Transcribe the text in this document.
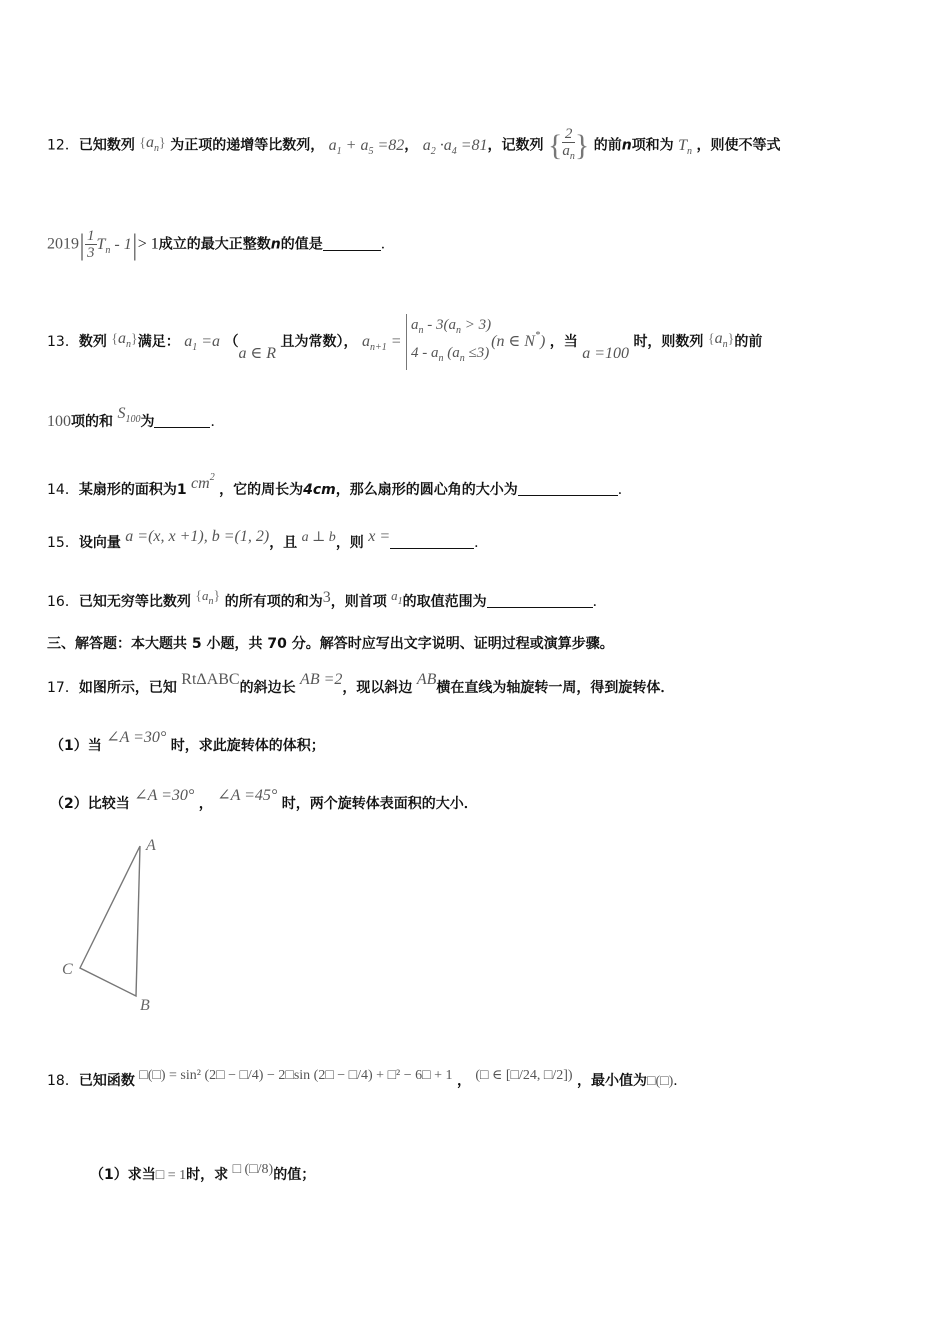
12．已知数列 $\{a_n\}$ 为正项的递增等比数列， $a_1 + a_5 =82$， $a_2 \cdot a_4 =81$，记数列 { $\frac{2}{a_n}$ } 的前n项和为 $T_n$ ，则使不等式
$2019| \frac{1}{3} T_n - 1|> 1$成立的最大正整数n的值是	．
13．数列 $\{a_n\}$满足： $a_1 =a$ （a ∈ R 且为常数）， $a_{n+1}$ =
$a_n - 3(a_n > 3)$
$4 - a_n$ $(a_n \le 3)$
(n ∈ N*) ，当 a =100 时，则数列 $\{a_n\}$的前
100项的和 $S_{100}$为	．
14．某扇形的面积为1 $cm^2$ ，它的周长为4cm，那么扇形的圆心角的大小为	．
15．设向量 a =(x, x +1), b =(1, 2)，且 a ⊥ b，则 x =	．
16．已知无穷等比数列 $\{a_n\}$ 的所有项的和为3，则首项 $a_1$的取值范围为	．
三、解答题：本大题共 5 小题，共 70 分。解答时应写出文字说明、证明过程或演算步骤。
17．如图所示，已知 RtΔABC的斜边长 AB =2，现以斜边 AB横在直线为轴旋转一周，得到旋转体．
（1）当 ∠A =30° 时，求此旋转体的体积；
（2）比较当 ∠A =30° ， ∠A =45° 时，两个旋转体表面积的大小．
A
B
C
18．已知函数 □(□) = sin² (2□ − □/4) − 2□sin (2□ − □/4) + □² − 6□ + 1 ， (□ ∈ [□/24, □/2]) ，最小值为□(□)．
（1）求当□ = 1时，求 □ (□/8)的值；
